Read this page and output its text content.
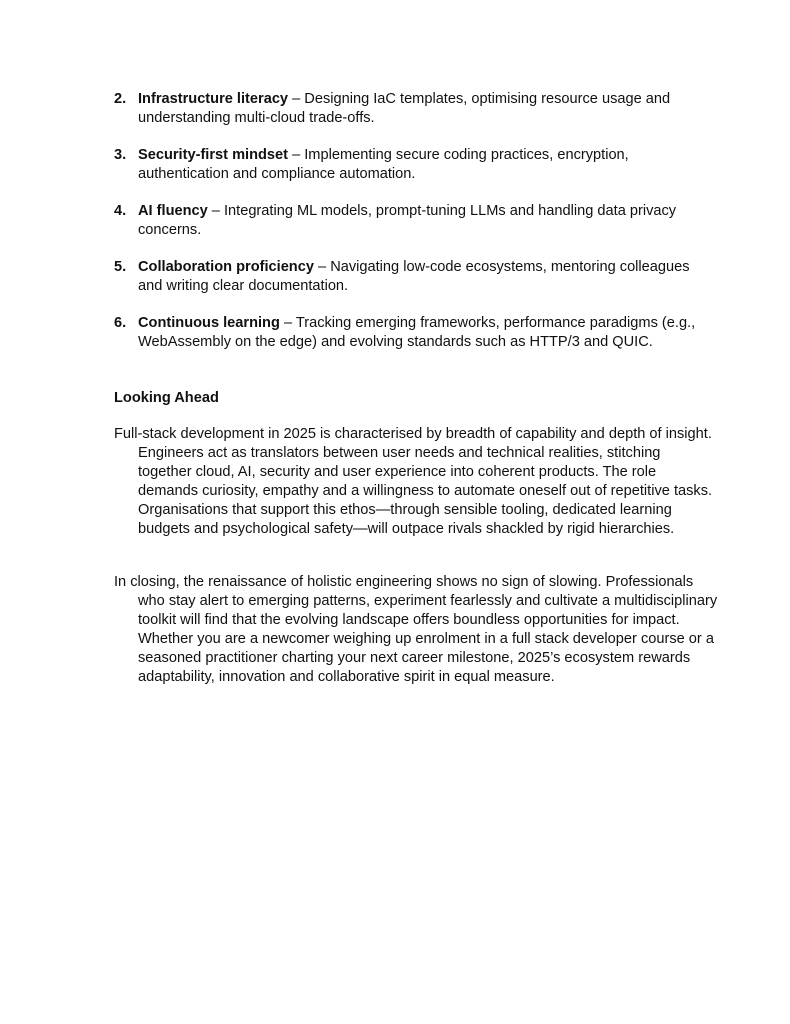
2. Infrastructure literacy – Designing IaC templates, optimising resource usage and understanding multi-cloud trade-offs.
3. Security-first mindset – Implementing secure coding practices, encryption, authentication and compliance automation.
4. AI fluency – Integrating ML models, prompt-tuning LLMs and handling data privacy concerns.
5. Collaboration proficiency – Navigating low-code ecosystems, mentoring colleagues and writing clear documentation.
6. Continuous learning – Tracking emerging frameworks, performance paradigms (e.g., WebAssembly on the edge) and evolving standards such as HTTP/3 and QUIC.
Looking Ahead

Full-stack development in 2025 is characterised by breadth of capability and depth of insight. Engineers act as translators between user needs and technical realities, stitching together cloud, AI, security and user experience into coherent products. The role demands curiosity, empathy and a willingness to automate oneself out of repetitive tasks. Organisations that support this ethos—through sensible tooling, dedicated learning budgets and psychological safety—will outpace rivals shackled by rigid hierarchies.

In closing, the renaissance of holistic engineering shows no sign of slowing. Professionals who stay alert to emerging patterns, experiment fearlessly and cultivate a multidisciplinary toolkit will find that the evolving landscape offers boundless opportunities for impact. Whether you are a newcomer weighing up enrolment in a full stack developer course or a seasoned practitioner charting your next career milestone, 2025’s ecosystem rewards adaptability, innovation and collaborative spirit in equal measure.
